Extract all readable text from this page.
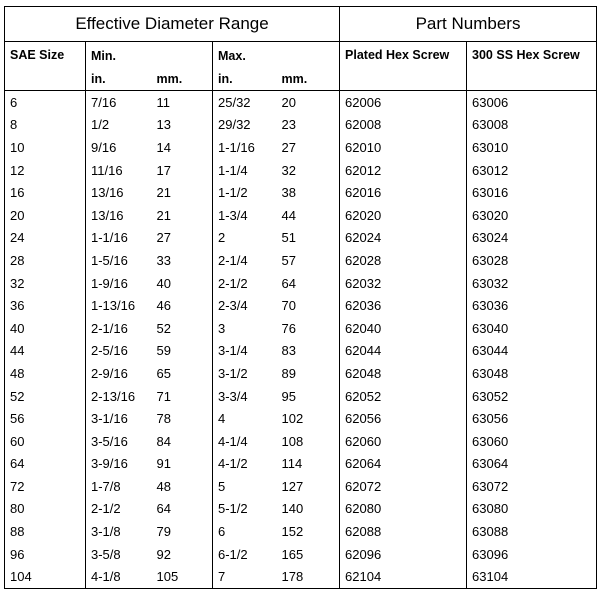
Effective Diameter Range					Part Numbers	
SAE Size	Min.		Max.		Plated Hex Screw	300 SS Hex Screw
	in.	mm.	in.	mm.		
6	7/16	11	25/32	20	62006	63006
8	1/2	13	29/32	23	62008	63008
10	9/16	14	1-1/16	27	62010	63010
12	11/16	17	1-1/4	32	62012	63012
16	13/16	21	1-1/2	38	62016	63016
20	13/16	21	1-3/4	44	62020	63020
24	1-1/16	27	2	51	62024	63024
28	1-5/16	33	2-1/4	57	62028	63028
32	1-9/16	40	2-1/2	64	62032	63032
36	1-13/16	46	2-3/4	70	62036	63036
40	2-1/16	52	3	76	62040	63040
44	2-5/16	59	3-1/4	83	62044	63044
48	2-9/16	65	3-1/2	89	62048	63048
52	2-13/16	71	3-3/4	95	62052	63052
56	3-1/16	78	4	102	62056	63056
60	3-5/16	84	4-1/4	108	62060	63060
64	3-9/16	91	4-1/2	114	62064	63064
72	1-7/8	48	5	127	62072	63072
80	2-1/2	64	5-1/2	140	62080	63080
88	3-1/8	79	6	152	62088	63088
96	3-5/8	92	6-1/2	165	62096	63096
104	4-1/8	105	7	178	62104	63104
